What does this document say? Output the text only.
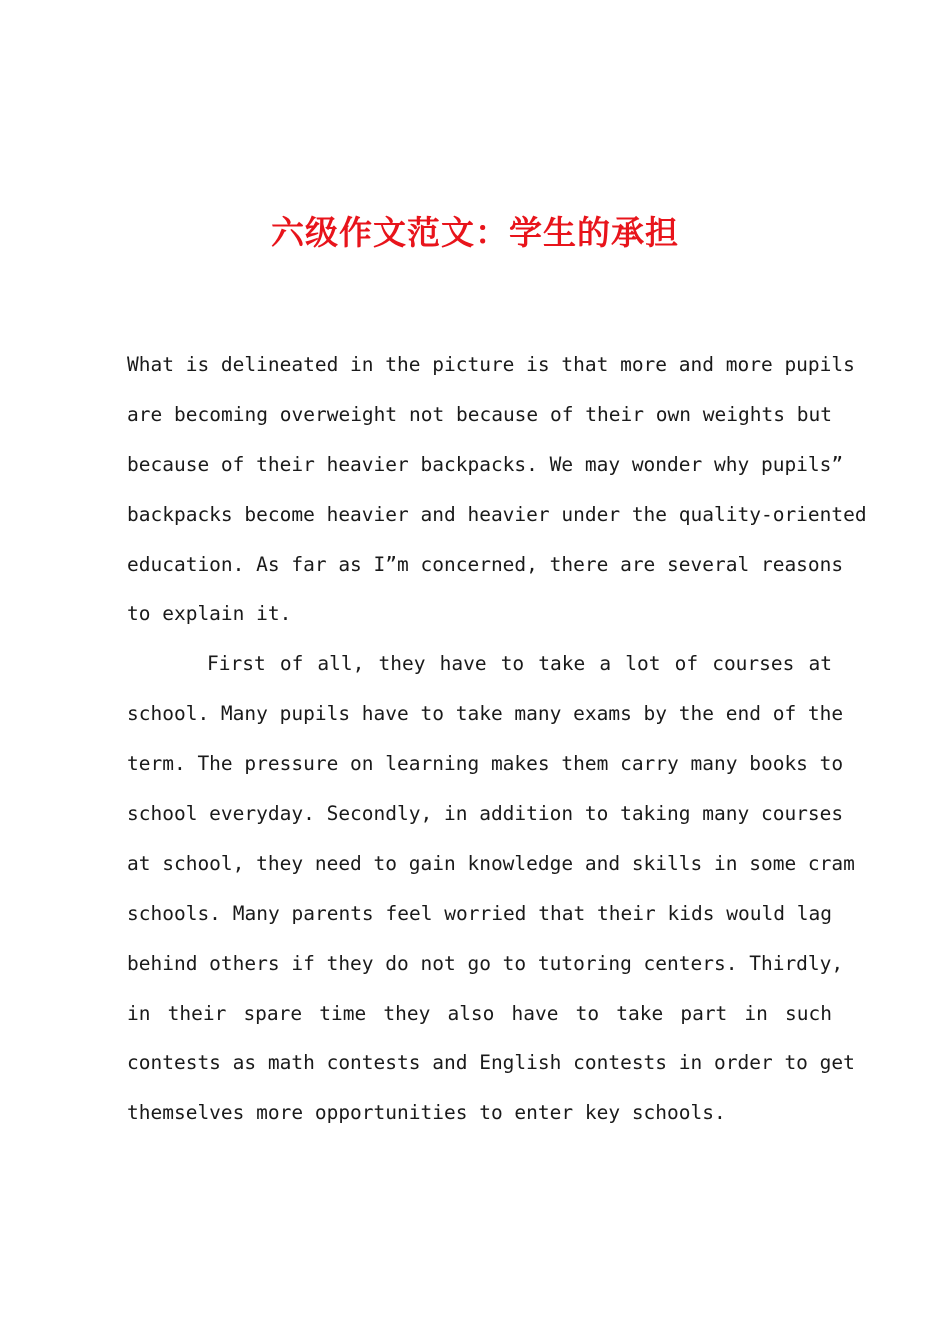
六级作文范文：学生的承担
What is delineated in the picture is that more and more pupils
are becoming overweight not because of their own weights but
because of their heavier backpacks. We may wonder why pupils”
backpacks become heavier and heavier under the quality-oriented
education. As far as I”m concerned, there are several reasons
to explain it.
First of all, they have to take a lot of courses at
school. Many pupils have to take many exams by the end of the
term. The pressure on learning makes them carry many books to
school everyday. Secondly, in addition to taking many courses
at school, they need to gain knowledge and skills in some cram
schools. Many parents feel worried that their kids would lag
behind others if they do not go to tutoring centers. Thirdly,
in their spare time they also have to take part in such
contests as math contests and English contests in order to get
themselves more opportunities to enter key schools.
